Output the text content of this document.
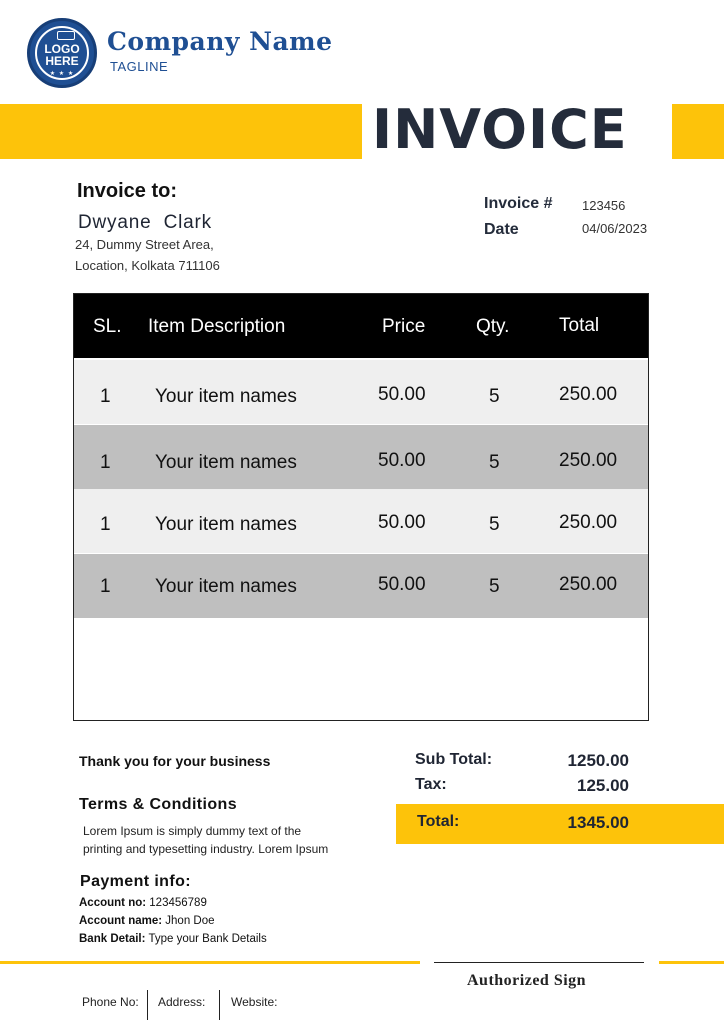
LOGO
HERE
★ ★ ★
Company Name
TAGLINE
INVOICE
Invoice to:
Dwyane  Clark
24, Dummy Street Area,
Location, Kolkata 711106
Invoice # 123456
Date	04/06/2023
SL. Item Description	Price	Qty.	Total
1 Your item names	50.00	5	250.00
1 Your item names	50.00	5	250.00
1 Your item names	50.00	5	250.00
1 Your item names	50.00	5	250.00
Thank you for your business
Terms & Conditions
Lorem Ipsum is simply dummy text of the
printing and typesetting industry. Lorem Ipsum
Sub Total:	1250.00
Tax:	125.00
Total:	1345.00
Payment info:
Account no: 123456789
Account name: Jhon Doe
Bank Detail: Type your Bank Details
Authorized Sign
Phone No: Address: Website:
